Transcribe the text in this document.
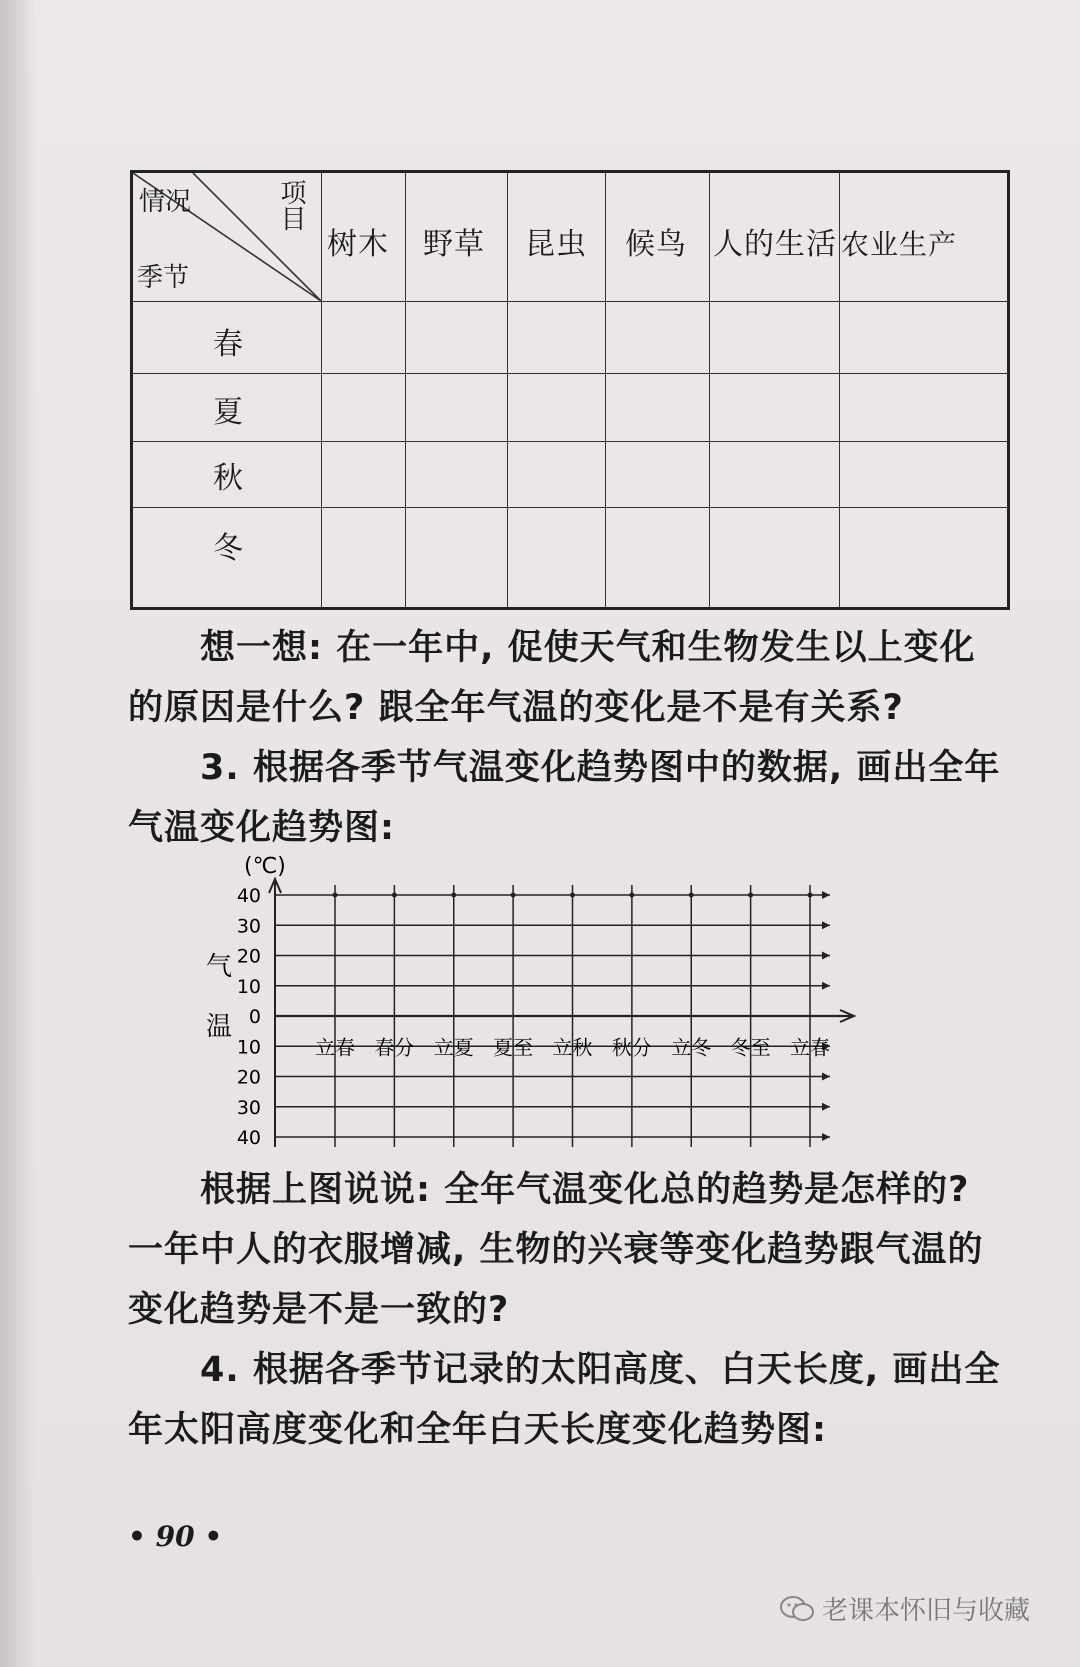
项目
情况
季节
树木 野草 昆虫 候鸟 人的生活 农业生产
春
夏
秋
冬

想一想: 在一年中, 促使天气和生物发生以上变化的原因是什么? 跟全年气温的变化是不是有关系?

3. 根据各季节气温变化趋势图中的数据, 画出全年气温变化趋势图:

(℃)
气
温
40
30
20
10
0
10
20
30
40
立春 春分 立夏 夏至 立秋 秋分 立冬 冬至 立春

根据上图说说: 全年气温变化总的趋势是怎样的? 一年中人的衣服增减, 生物的兴衰等变化趋势跟气温的变化趋势是不是一致的?

4. 根据各季节记录的太阳高度、白天长度, 画出全年太阳高度变化和全年白天长度变化趋势图:

• 90 •
老课本怀旧与收藏
